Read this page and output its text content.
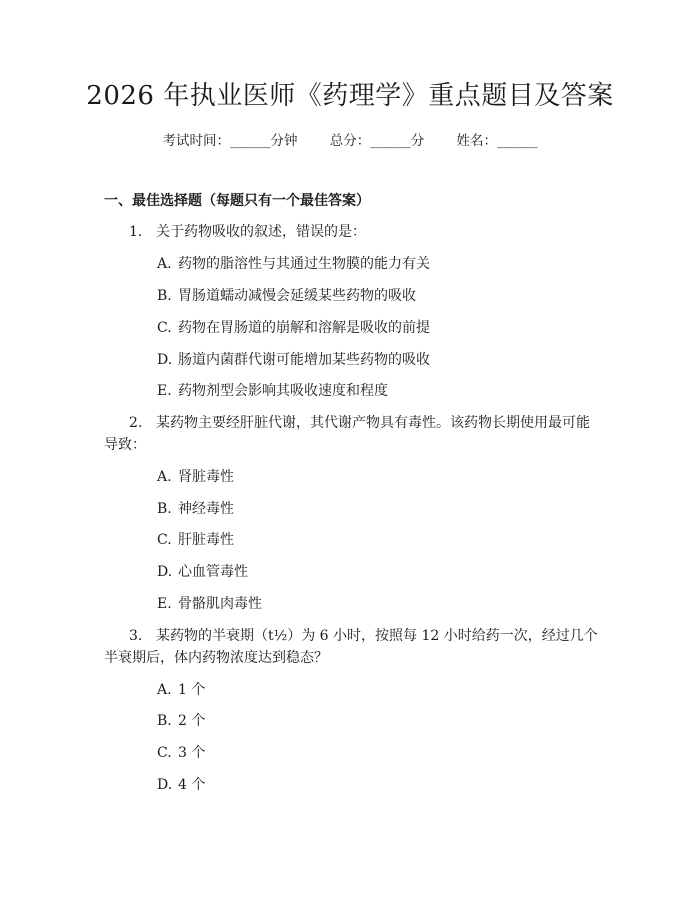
2026 年执业医师《药理学》重点题目及答案
考试时间：______分钟 总分：______分 姓名：______
一、最佳选择题（每题只有一个最佳答案）
1. 关于药物吸收的叙述，错误的是：
A. 药物的脂溶性与其通过生物膜的能力有关
B. 胃肠道蠕动减慢会延缓某些药物的吸收
C. 药物在胃肠道的崩解和溶解是吸收的前提
D. 肠道内菌群代谢可能增加某些药物的吸收
E. 药物剂型会影响其吸收速度和程度
2. 某药物主要经肝脏代谢，其代谢产物具有毒性。该药物长期使用最可能导致：
A. 肾脏毒性
B. 神经毒性
C. 肝脏毒性
D. 心血管毒性
E. 骨骼肌肉毒性
3. 某药物的半衰期（t½）为 6 小时，按照每 12 小时给药一次，经过几个半衰期后，体内药物浓度达到稳态？
A. 1 个
B. 2 个
C. 3 个
D. 4 个
